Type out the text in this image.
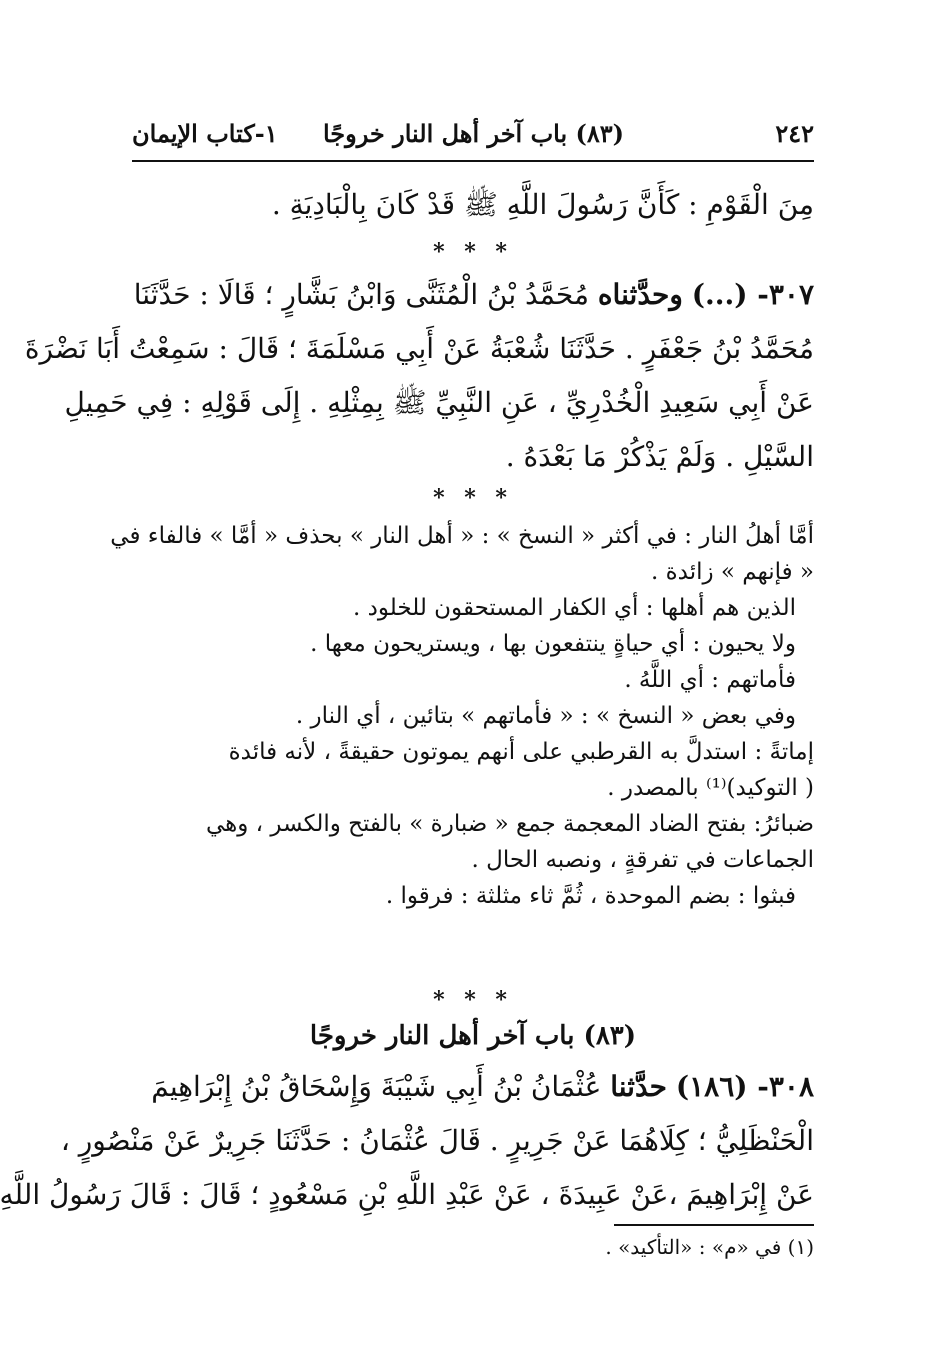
٢٤٢
(٨٣) باب آخر أهل النار خروجًا
١-كتاب الإيمان
مِنَ الْقَوْمِ : كَأَنَّ رَسُولَ اللَّهِ ﷺ قَدْ كَانَ بِالْبَادِيَةِ .
* * *
٣٠٧- (...) وحدَّثناه مُحَمَّدُ بْنُ الْمُثَنَّى وَابْنُ بَشَّارٍ ؛ قَالَا : حَدَّثَنَا
مُحَمَّدُ بْنُ جَعْفَرٍ . حَدَّثَنَا شُعْبَةُ عَنْ أَبِي مَسْلَمَةَ ؛ قَالَ : سَمِعْتُ أَبَا نَضْرَةَ
عَنْ أَبِي سَعِيدِ الْخُدْرِيِّ ، عَنِ النَّبِيِّ ﷺ بِمِثْلِهِ . إِلَى قَوْلِهِ : فِي حَمِيلِ
السَّيْلِ . وَلَمْ يَذْكُرْ مَا بَعْدَهُ .
* * *
أمَّا أهلُ النار : في أكثر « النسخ » : « أهل النار » بحذف « أمَّا » فالفاء في
« فإنهم » زائدة .
الذين هم أهلها : أي الكفار المستحقون للخلود .
ولا يحيون : أي حياةٍ ينتفعون بها ، ويستريحون معها .
فأماتهم : أي اللَّهُ .
وفي بعض « النسخ » : « فأماتهم » بتائين ، أي النار .
إماتةً : استدلَّ به القرطبي على أنهم يموتون حقيقةً ، لأنه فائدة
( التوكيد)⁽¹⁾ بالمصدر .
ضبائرُ: بفتح الضاد المعجمة جمع « ضبارة » بالفتح والكسر ، وهي
الجماعات في تفرقةٍ ، ونصبه الحال .
فبثوا : بضم الموحدة ، ثُمَّ ثاء مثلثة : فرقوا .
* * *
(٨٣) باب آخر أهل النار خروجًا
٣٠٨- (١٨٦) حدَّثنا عُثْمَانُ بْنُ أَبِي شَيْبَةَ وَإِسْحَاقُ بْنُ إِبْرَاهِيمَ
الْحَنْظَلِيُّ ؛ كِلَاهُمَا عَنْ جَرِيرٍ . قَالَ عُثْمَانُ : حَدَّثَنَا جَرِيرٌ عَنْ مَنْصُورٍ ،
عَنْ إِبْرَاهِيمَ ،عَنْ عَبِيدَةَ ، عَنْ عَبْدِ اللَّهِ بْنِ مَسْعُودٍ ؛ قَالَ : قَالَ رَسُولُ اللَّهِ
(١) في «م» : «التأكيد» .
